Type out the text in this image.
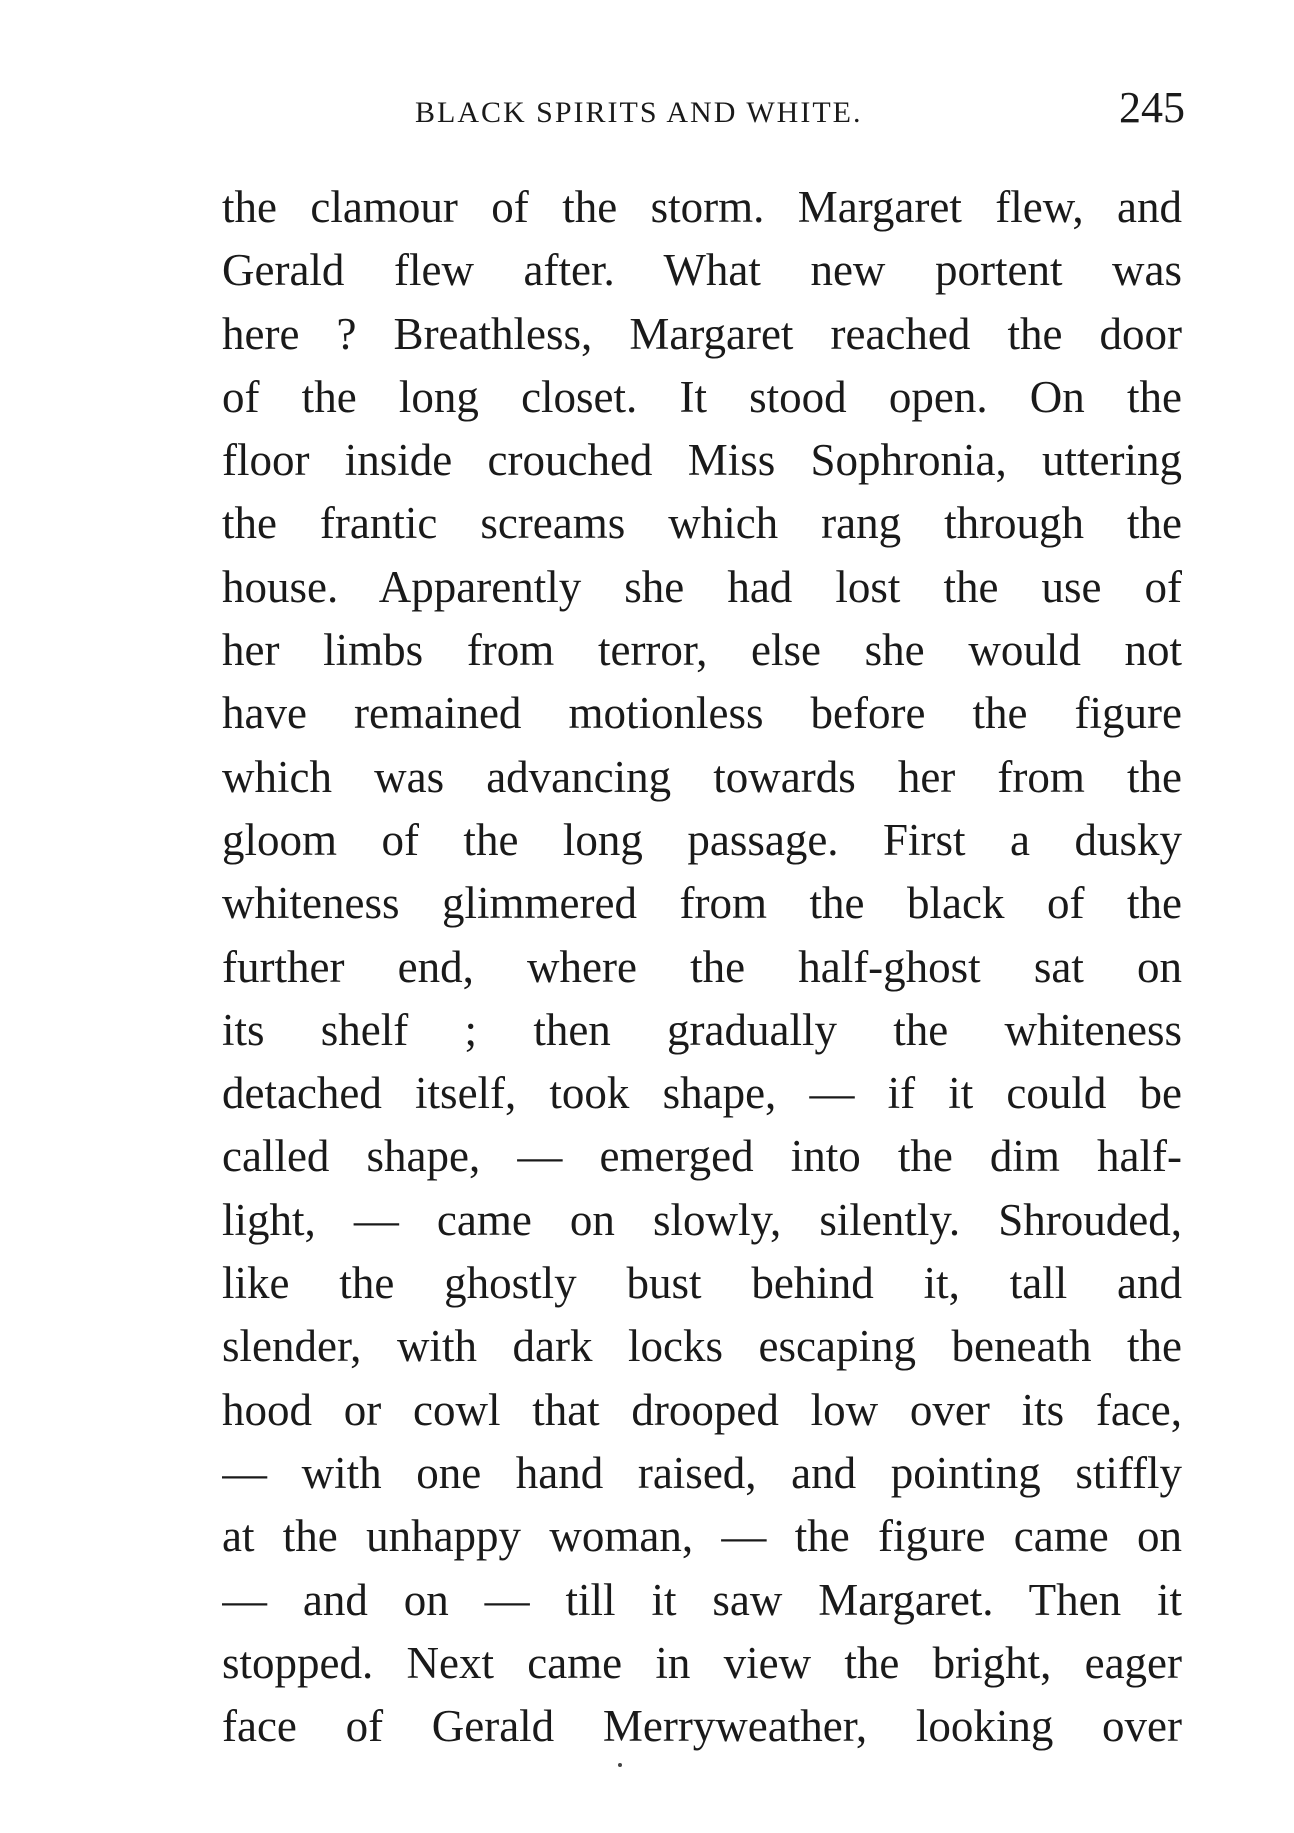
BLACK SPIRITS AND WHITE.	245
the clamour of the storm. Margaret flew, and
Gerald flew after. What new portent was
here ? Breathless, Margaret reached the door
of the long closet. It stood open. On the
floor inside crouched Miss Sophronia, uttering
the frantic screams which rang through the
house. Apparently she had lost the use of
her limbs from terror, else she would not
have remained motionless before the figure
which was advancing towards her from the
gloom of the long passage. First a dusky
whiteness glimmered from the black of the
further end, where the half-ghost sat on
its shelf ; then gradually the whiteness
detached itself, took shape, — if it could be
called shape, — emerged into the dim half-
light, — came on slowly, silently. Shrouded,
like the ghostly bust behind it, tall and
slender, with dark locks escaping beneath the
hood or cowl that drooped low over its face,
— with one hand raised, and pointing stiffly
at the unhappy woman, — the figure came on
— and on — till it saw Margaret. Then it
stopped. Next came in view the bright, eager
face of Gerald Merryweather, looking over
